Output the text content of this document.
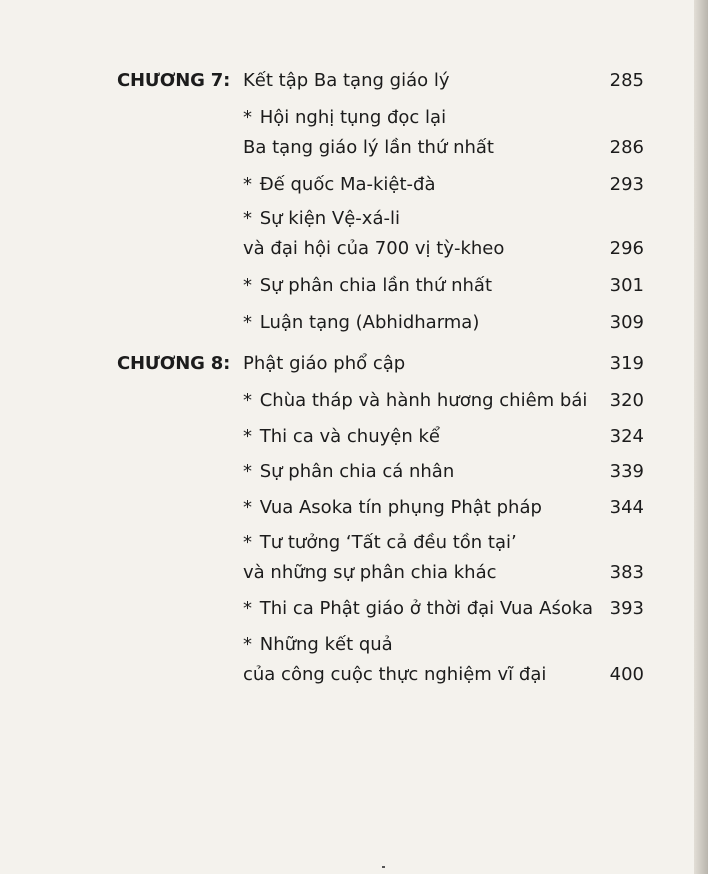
CHƯƠNG 7: Kết tập Ba tạng giáo lý	285
* Hội nghị tụng đọc lại
Ba tạng giáo lý lần thứ nhất	286
* Đế quốc Ma-kiệt-đà	293
* Sự kiện Vệ-xá-li
và đại hội của 700 vị tỳ-kheo	296
* Sự phân chia lần thứ nhất	301
* Luận tạng (Abhidharma)	309
CHƯƠNG 8: Phật giáo phổ cập	319
* Chùa tháp và hành hương chiêm bái 320
* Thi ca và chuyện kể	324
* Sự phân chia cá nhân	339
* Vua Asoka tín phụng Phật pháp	344
* Tư tưởng ‘Tất cả đều tồn tại’
và những sự phân chia khác	383
* Thi ca Phật giáo ở thời đại Vua Aśoka 393
* Những kết quả
của công cuộc thực nghiệm vĩ đại	400
